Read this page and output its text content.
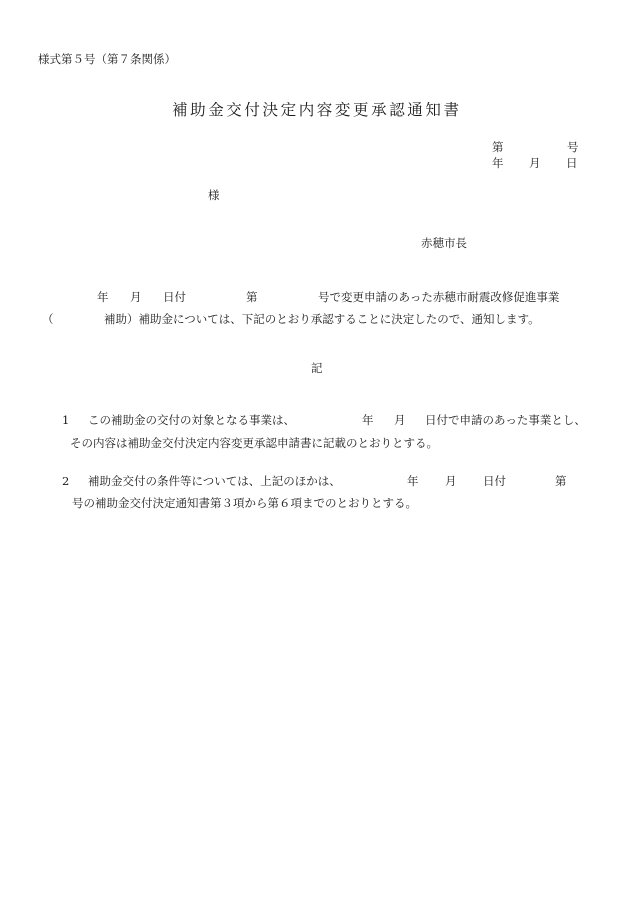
様式第５号（第７条関係）
補助金交付決定内容変更承認通知書
第	号
年 月 日
様
赤穂市長
年 月 日付	第	号で変更申請のあった赤穂市耐震改修促進事業
（	補助）補助金については、下記のとおり承認することに決定したので、通知します。
記
1 この補助金の交付の対象となる事業は、	年 月 日付で申請のあった事業とし、
その内容は補助金交付決定内容変更承認申請書に記載のとおりとする。
2 補助金交付の条件等については、上記のほかは、	年 月 日付	第
号の補助金交付決定通知書第３項から第６項までのとおりとする。
